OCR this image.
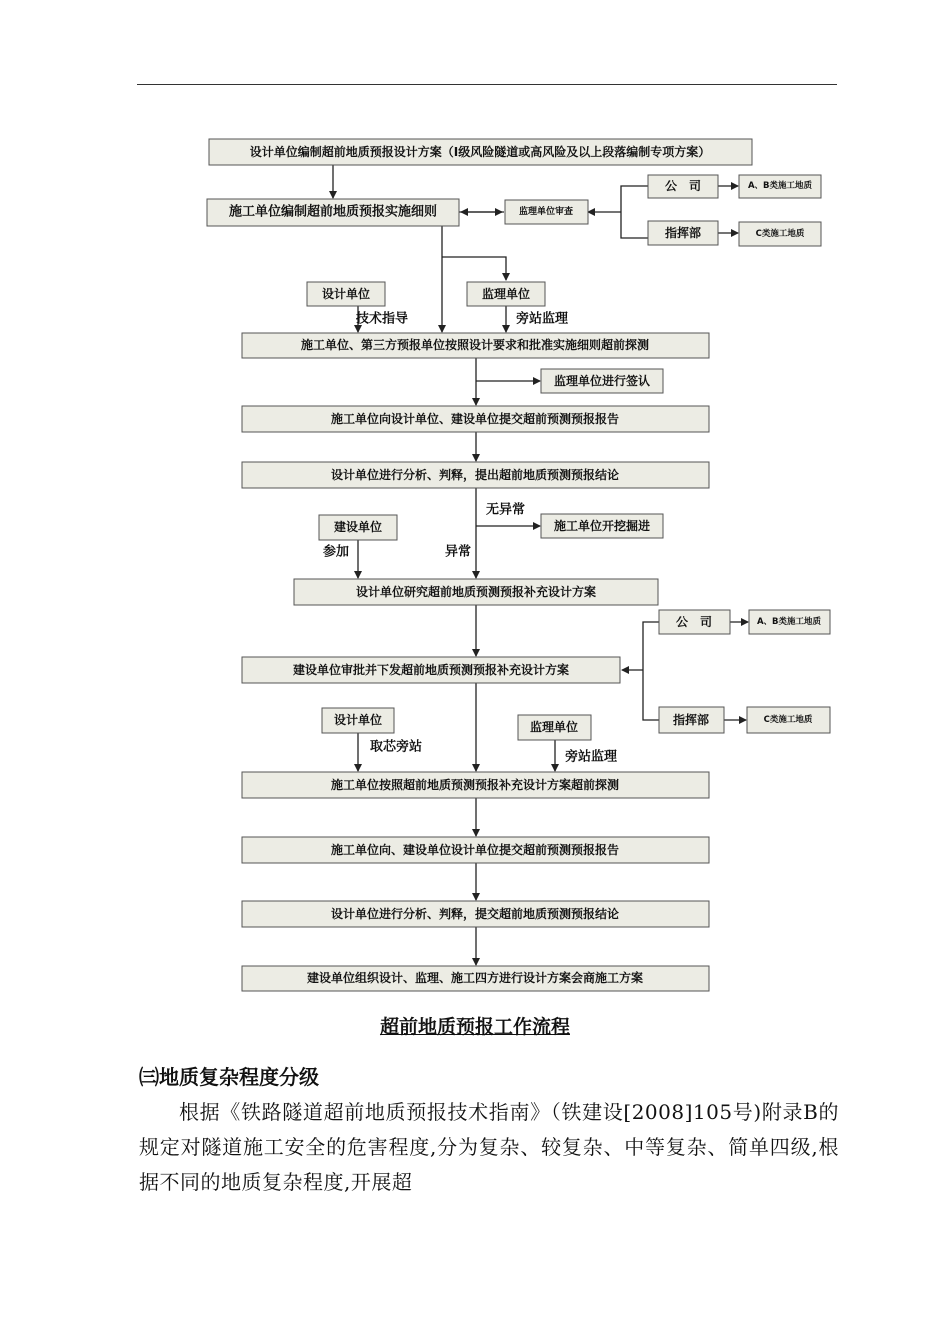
设计单位编制超前地质预报设计方案（I级风险隧道或高风险及以上段落编制专项方案）
施工单位编制超前地质预报实施细则	监理单位审查
公　司	A、B类施工地质
指挥部	C类施工地质
设计单位	监理单位
技术指导	旁站监理
施工单位、第三方预报单位按照设计要求和批准实施细则超前探测
监理单位进行签认
施工单位向设计单位、建设单位提交超前预测预报报告
设计单位进行分析、判释，提出超前地质预测预报结论
无异常
施工单位开挖掘进
建设单位
参加	异常
设计单位研究超前地质预测预报补充设计方案
公　司	A、B类施工地质
建设单位审批并下发超前地质预测预报补充设计方案
设计单位	监理单位	指挥部	C类施工地质
取芯旁站
旁站监理
施工单位按照超前地质预测预报补充设计方案超前探测
施工单位向、建设单位设计单位提交超前预测预报报告
设计单位进行分析、判释，提交超前地质预测预报结论
建设单位组织设计、监理、施工四方进行设计方案会商施工方案
超前地质预报工作流程
㈢地质复杂程度分级
根据《铁路隧道超前地质预报技术指南》（铁建设[2008]105号)附录B的规定对隧道施工安全的危害程度,分为复杂、较复杂、中等复杂、简单四级,根据不同的地质复杂程度,开展超
